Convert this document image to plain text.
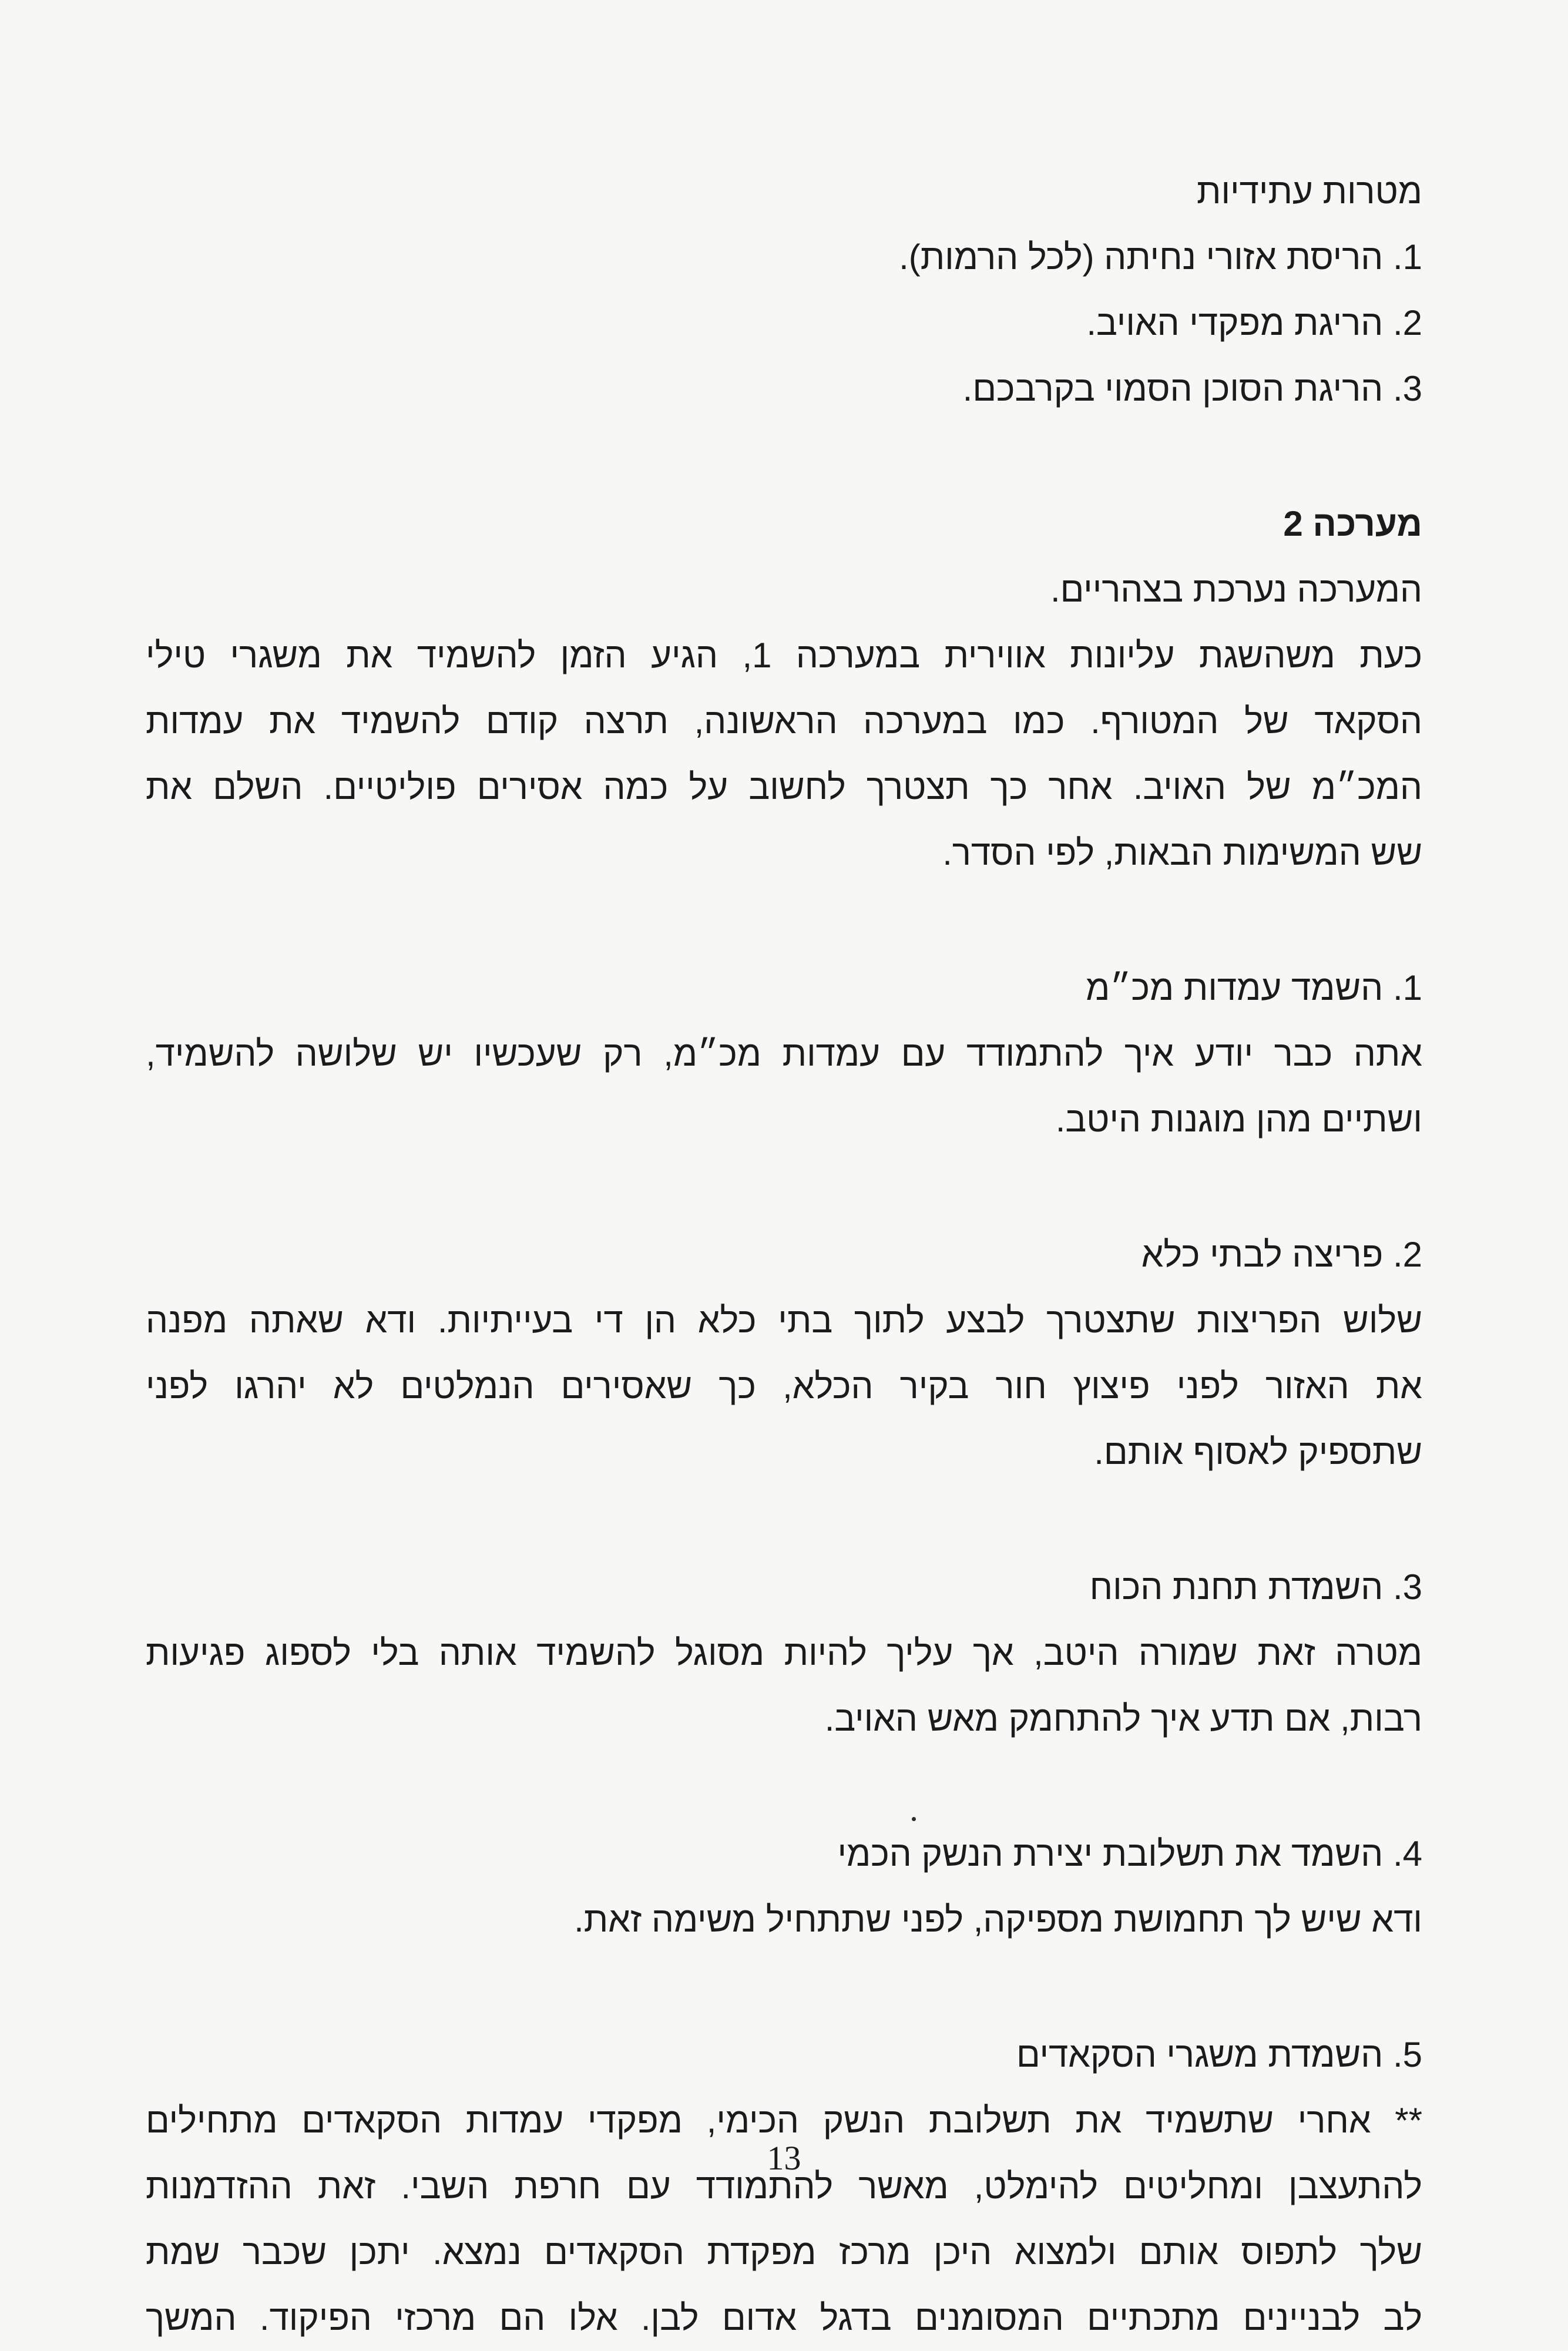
מטרות עתידיות

1. הריסת אזורי נחיתה (לכל הרמות).

2. הריגת מפקדי האויב.

3. הריגת הסוכן הסמוי בקרבכם.

מערכה 2

המערכה נערכת בצהריים.

כעת משהשגת עליונות אווירית במערכה 1, הגיע הזמן להשמיד את משגרי טילי

הסקאד של המטורף. כמו במערכה הראשונה, תרצה קודם להשמיד את עמדות

המכ״מ של האויב. אחר כך תצטרך לחשוב על כמה אסירים פוליטיים. השלם את

שש המשימות הבאות, לפי הסדר.

1. השמד עמדות מכ״מ

אתה כבר יודע איך להתמודד עם עמדות מכ״מ, רק שעכשיו יש שלושה להשמיד,

ושתיים מהן מוגנות היטב.

2. פריצה לבתי כלא

שלוש הפריצות שתצטרך לבצע לתוך בתי כלא הן די בעייתיות. ודא שאתה מפנה

את האזור לפני פיצוץ חור בקיר הכלא, כך שאסירים הנמלטים לא יהרגו לפני

שתספיק לאסוף אותם.

3. השמדת תחנת הכוח

מטרה זאת שמורה היטב, אך עליך להיות מסוגל להשמיד אותה בלי לספוג פגיעות

רבות, אם תדע איך להתחמק מאש האויב.

4. השמד את תשלובת יצירת הנשק הכמי

ודא שיש לך תחמושת מספיקה, לפני שתתחיל משימה זאת.

5. השמדת משגרי הסקאדים

** אחרי שתשמיד את תשלובת הנשק הכימי, מפקדי עמדות הסקאדים מתחילים

להתעצבן ומחליטים להימלט, מאשר להתמודד עם חרפת השבי. זאת ההזדמנות

שלך לתפוס אותם ולמצוא היכן מרכז מפקדת הסקאדים נמצא. יתכן שכבר שמת

לב לבניינים מתכתיים המסומנים בדגל אדום לבן. אלו הם מרכזי הפיקוד. המשך

13
